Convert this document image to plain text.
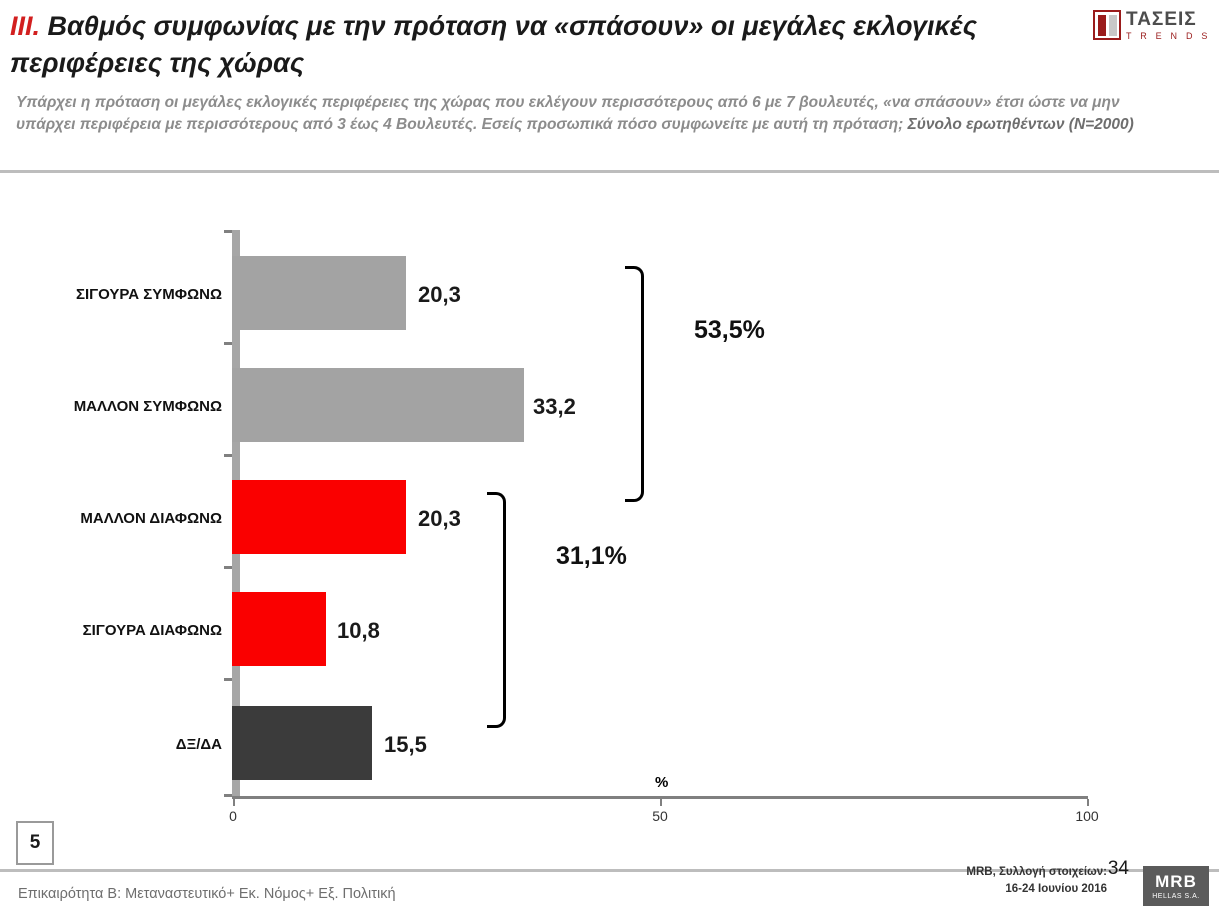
III. Βαθμός συμφωνίας με την πρόταση να «σπάσουν» οι μεγάλες εκλογικές περιφέρειες της χώρας
Υπάρχει η πρόταση οι μεγάλες εκλογικές περιφέρειες της χώρας που εκλέγουν περισσότερους από 6 με 7 βουλευτές, «να σπάσουν» έτσι ώστε να μην υπάρχει περιφέρεια με περισσότερους από 3 έως 4 Βουλευτές. Εσείς προσωπικά πόσο συμφωνείτε με αυτή τη πρόταση; Σύνολο ερωτηθέντων (Ν=2000)
ΤΑΣΕΙΣ
T R E N D S
0	50	100
%
ΣΙΓΟΥΡΑ ΣΥΜΦΩΝΩ	20,3
ΜΑΛΛΟΝ ΣΥΜΦΩΝΩ	33,2
53,5%
ΜΑΛΛΟΝ ΔΙΑΦΩΝΩ	20,3
ΣΙΓΟΥΡΑ ΔΙΑΦΩΝΩ	10,8
31,1%
ΔΞ/ΔΑ	15,5
5
Επικαιρότητα Β: Μεταναστευτικό+ Εκ. Νόμος+ Εξ. Πολιτική
MRB, Συλλογή στοιχείων:
16-24 Ιουνίου 2016
34
MRB
HELLAS S.A.
